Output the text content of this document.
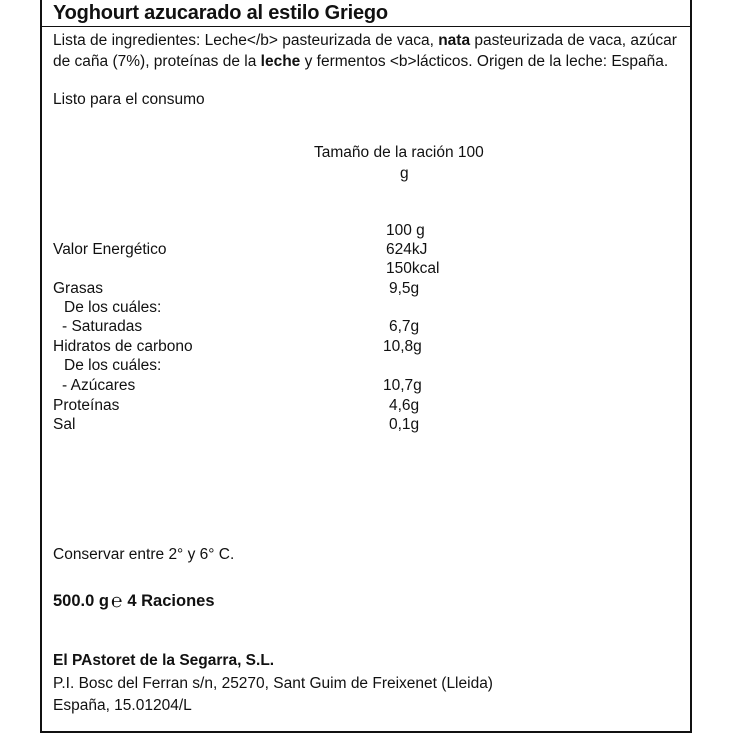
Yoghourt azucarado al estilo Griego
Lista de ingredientes: Leche</b> pasteurizada de vaca, nata pasteurizada de vaca, azúcar de caña (7%), proteínas de la leche y fermentos <b>lácticos. Origen de la leche: España.
Listo para el consumo
Tamaño de la ración 100
g
100 g
Valor Energético	624kJ
150kcal
Grasas	9,5g
De los cuáles:
- Saturadas	6,7g
Hidratos de carbono	10,8g
De los cuáles:
- Azúcares	10,7g
Proteínas	4,6g
Sal	0,1g
Conservar entre 2° y 6° C.
500.0 g ℮ 4 Raciones
El PAstoret de la Segarra, S.L.
P.I. Bosc del Ferran s/n, 25270, Sant Guim de Freixenet (Lleida)
España, 15.01204/L
